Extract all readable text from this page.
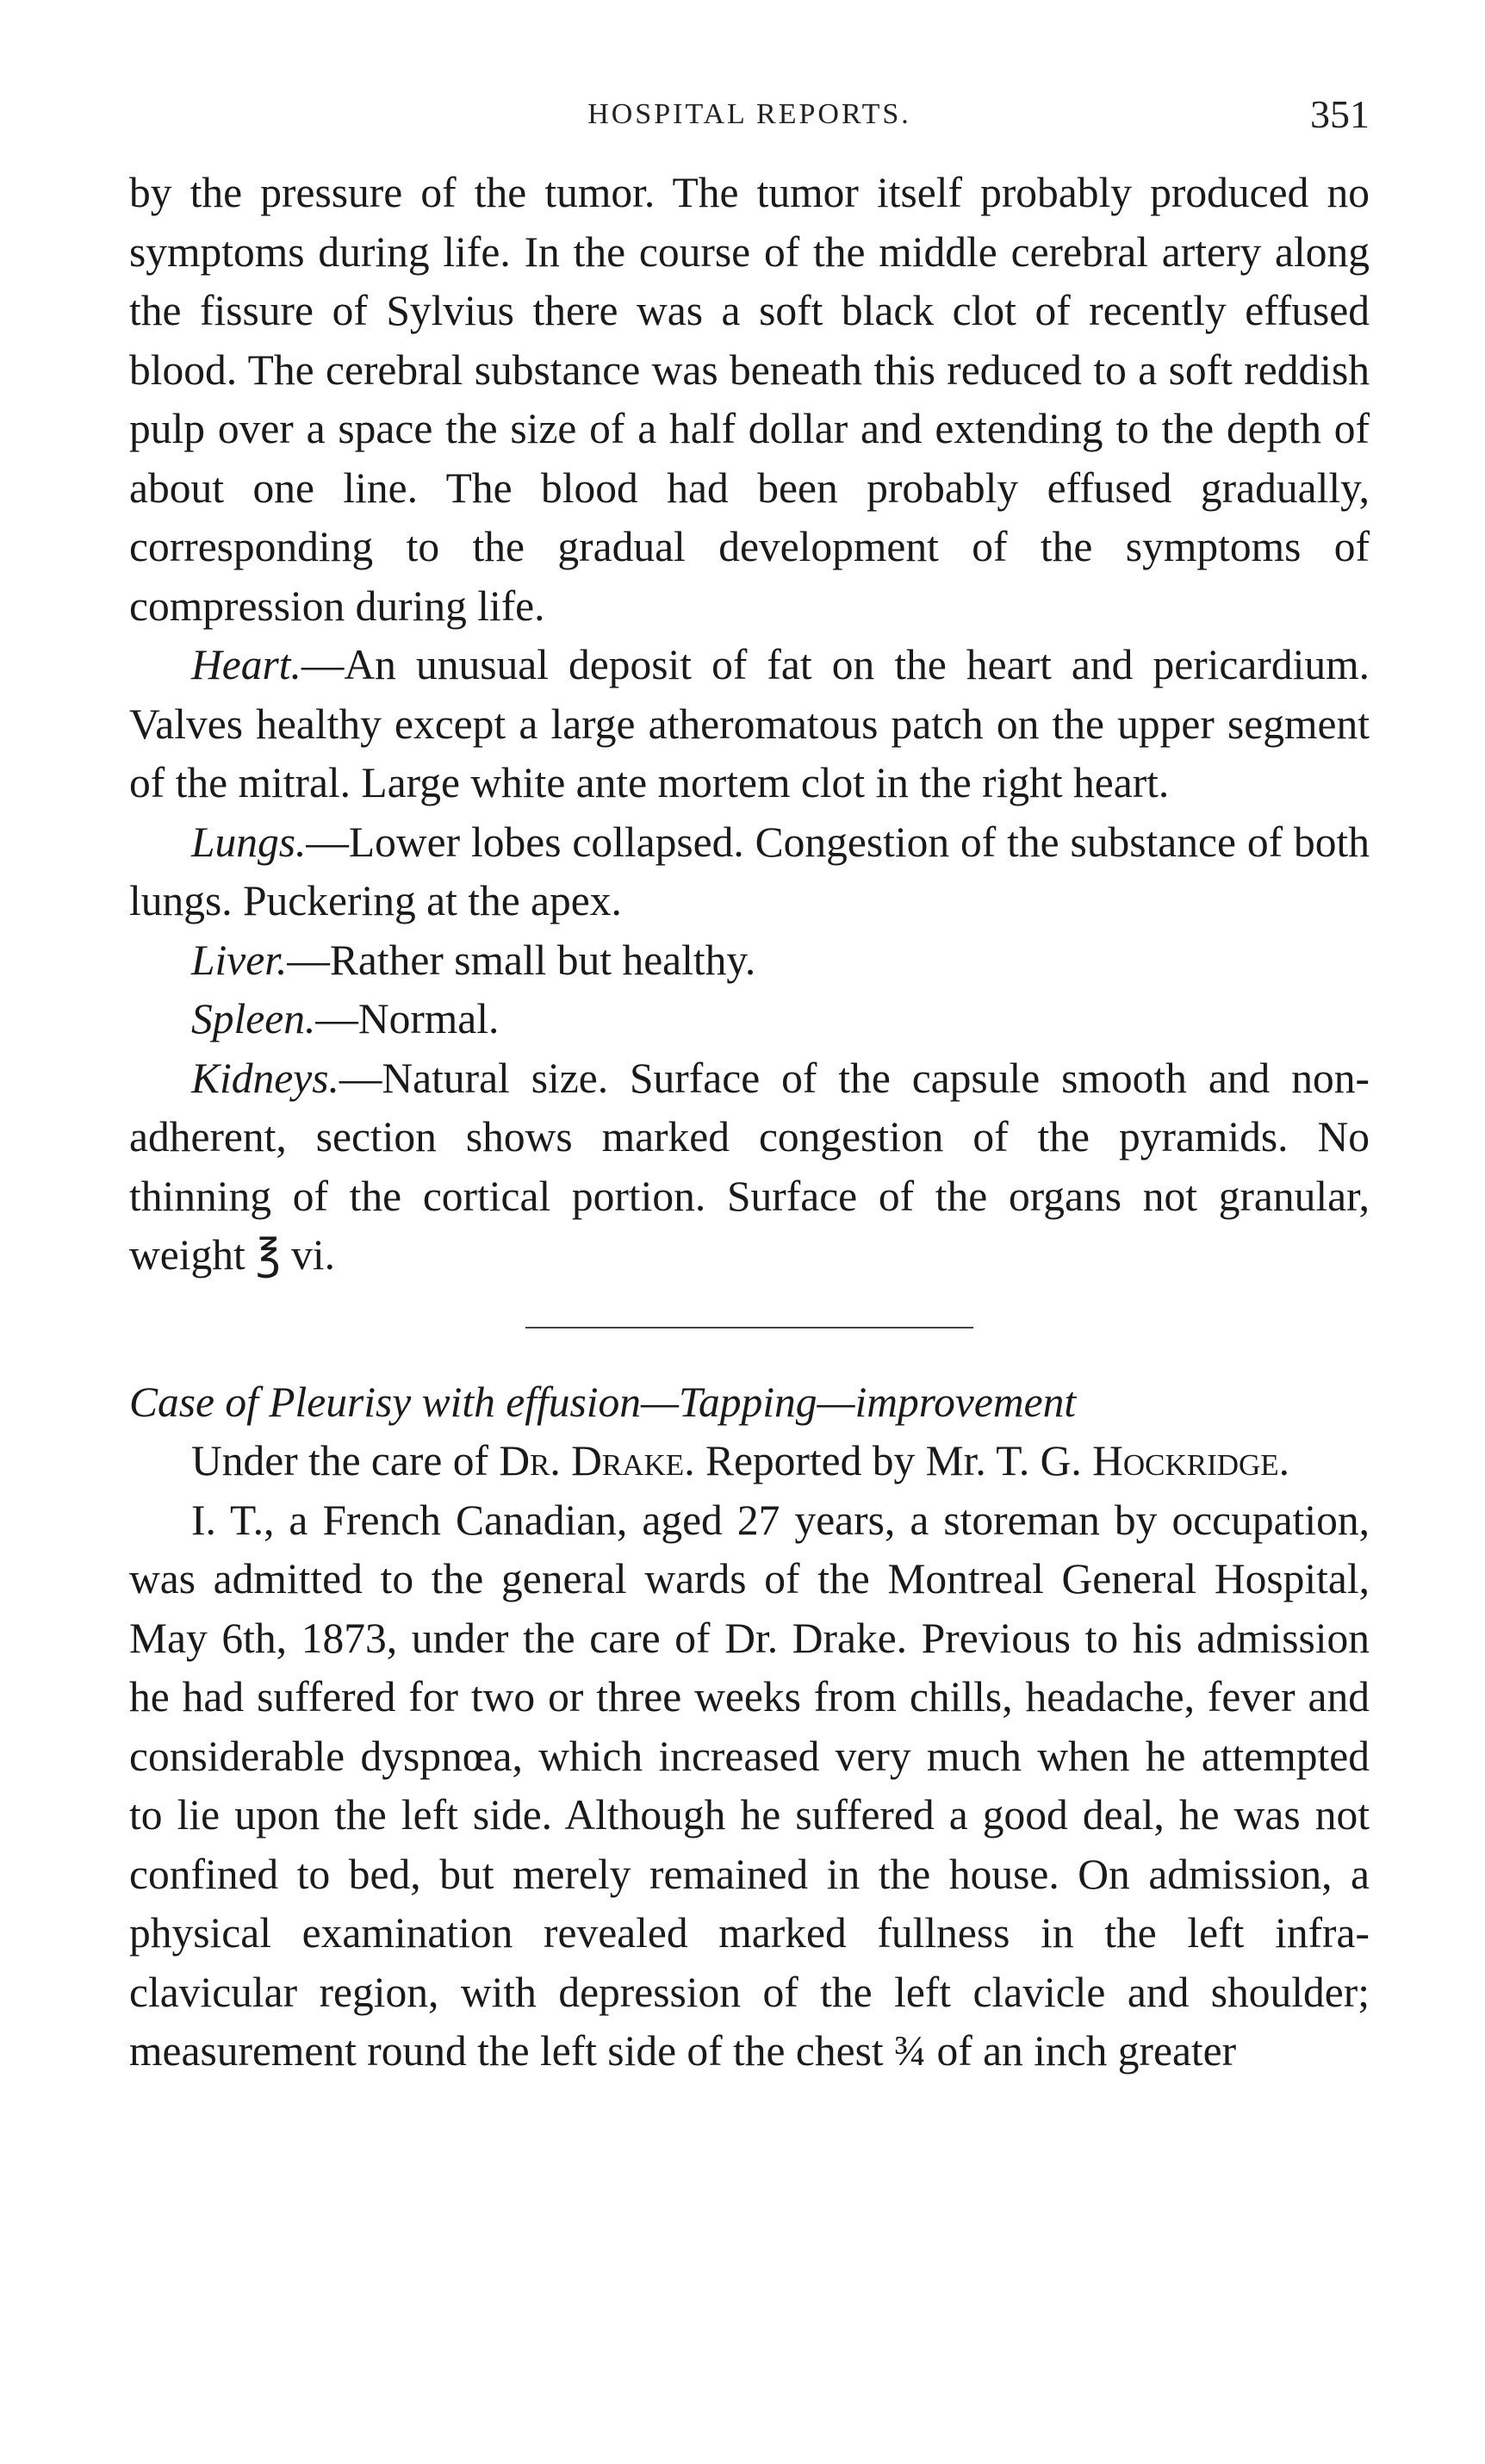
HOSPITAL REPORTS.	351

by the pressure of the tumor. The tumor itself probably produced no symptoms during life. In the course of the middle cerebral artery along the fissure of Sylvius there was a soft black clot of recently effused blood. The cerebral substance was beneath this reduced to a soft reddish pulp over a space the size of a half dollar and extending to the depth of about one line. The blood had been probably effused gradually, corresponding to the gradual development of the symptoms of compression during life.

Heart.—An unusual deposit of fat on the heart and pericardium. Valves healthy except a large atheromatous patch on the upper segment of the mitral. Large white ante mortem clot in the right heart.

Lungs.—Lower lobes collapsed. Congestion of the substance of both lungs. Puckering at the apex.

Liver.—Rather small but healthy.

Spleen.—Normal.

Kidneys.—Natural size. Surface of the capsule smooth and non-adherent, section shows marked congestion of the pyramids. No thinning of the cortical portion. Surface of the organs not granular, weight ℥ vi.

Case of Pleurisy with effusion—Tapping—improvement

Under the care of Dr. Drake. Reported by Mr. T. G. Hockridge.

I. T., a French Canadian, aged 27 years, a storeman by occupation, was admitted to the general wards of the Montreal General Hospital, May 6th, 1873, under the care of Dr. Drake. Previous to his admission he had suffered for two or three weeks from chills, headache, fever and considerable dyspnœa, which increased very much when he attempted to lie upon the left side. Although he suffered a good deal, he was not confined to bed, but merely remained in the house. On admission, a physical examination revealed marked fullness in the left infra-clavicular region, with depression of the left clavicle and shoulder; measurement round the left side of the chest ¾ of an inch greater
